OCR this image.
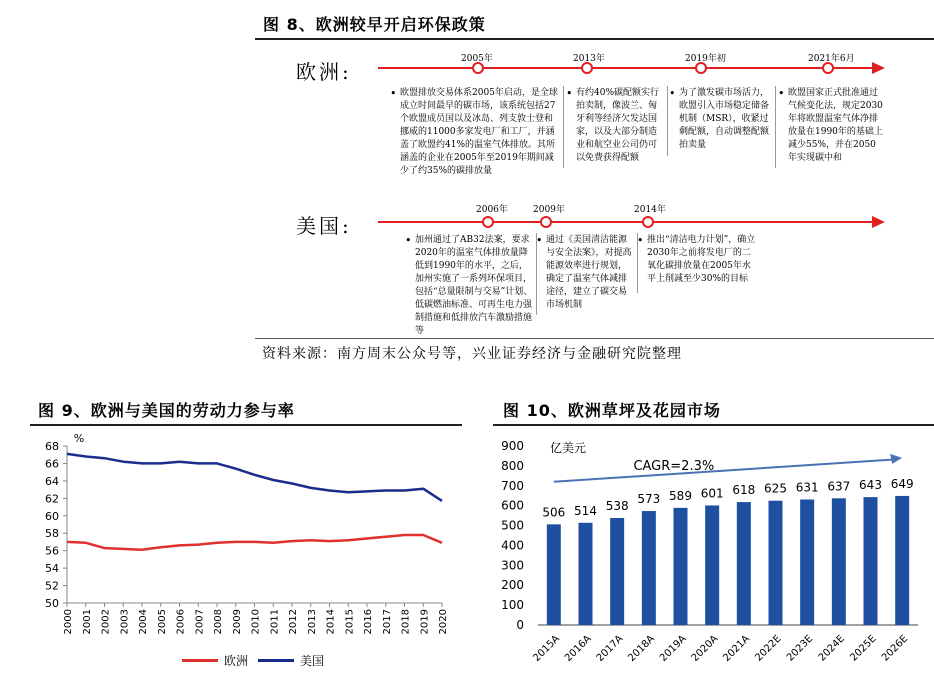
图 8、欧洲较早开启环保政策
欧洲:
美国:
2005年	2013年	2019年初	2021年6月
• 欧盟排放交易体系2005年启动，是全球成立时间最早的碳市场，该系统包括27个欧盟成员国以及冰岛、列支敦士登和挪威的11000多家发电厂和工厂，并涵盖了欧盟约41%的温室气体排放。其所涵盖的企业在2005年至2019年期间减少了约35%的碳排放量
• 有约40%碳配额实行拍卖制，像波兰、匈牙利等经济欠发达国家，以及大部分制造业和航空业公司仍可以免费获得配额
• 为了激发碳市场活力，欧盟引入市场稳定储备机制（MSR），收紧过剩配额，自动调整配额拍卖量
• 欧盟国家正式批准通过气候变化法，规定2030年将欧盟温室气体净排放量在1990年的基础上减少55%，并在2050年实现碳中和
2006年	2009年	2014年
• 加州通过了AB32法案，要求2020年的温室气体排放量降低到1990年的水平，之后，加州实施了一系列环保项目，包括“总量限制与交易”计划、低碳燃油标准、可再生电力强制措施和低排放汽车激励措施等
• 通过《美国清洁能源与安全法案》，对提高能源效率进行规划，确定了温室气体减排途径，建立了碳交易市场机制
• 推出“清洁电力计划”，确立2030年之前将发电厂的二氧化碳排放量在2005年水平上削减至少30%的目标
资料来源：南方周末公众号等，兴业证券经济与金融研究院整理
图 9、欧洲与美国的劳动力参与率
%
50
52
54
56
58
60
62
64
66
68
2000 2001 2002 2003 2004 2005 2006 2007 2008 2009 2010 2011 2012 2013 2014 2015 2016 2017 2018 2019 2020
欧洲	美国
图 10、欧洲草坪及花园市场
亿美元
0
100
200
300
400
500
600
700
800
900
506
2015A
514
2016A
538
2017A
573
2018A
589
2019A
601
2020A
618
2021A
625
2022E
631
2023E
637
2024E
643
2025E
649
2026E
CAGR=2.3%
